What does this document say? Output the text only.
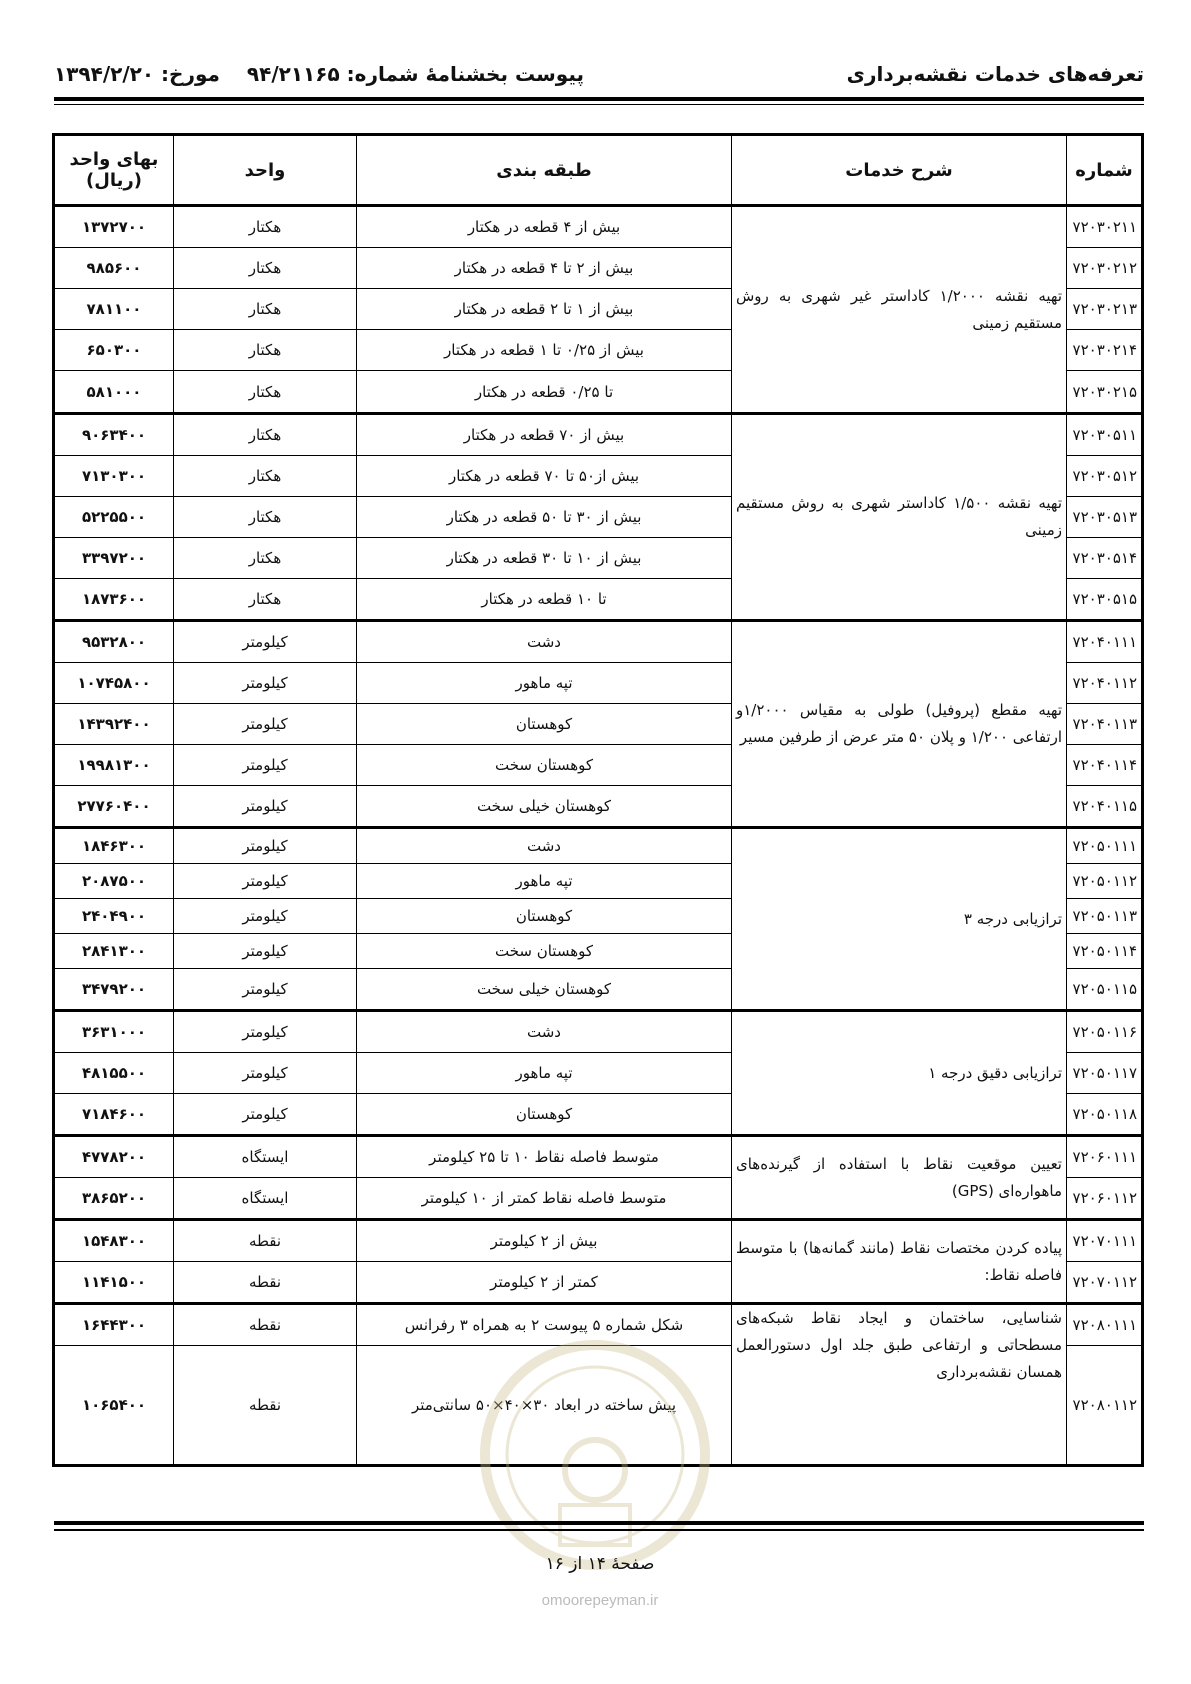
تعرفه‌های خدمات نقشه‌برداری
پیوست بخشنامهٔ شماره: ۹۴/۲۱۱۶۵
مورخ: ۱۳۹۴/۲/۲۰
شماره	شرح خدمات	طبقه بندی	واحد	بهای واحد (ریال)
۷۲۰۳۰۲۱۱	تهیه نقشه ۱/۲۰۰۰ کاداستر غیر شهری به روش مستقیم زمینی	بیش از ۴ قطعه در هکتار	هکتار	۱۳۷۲۷۰۰
۷۲۰۳۰۲۱۲		بیش از ۲ تا ۴ قطعه در هکتار	هکتار	۹۸۵۶۰۰
۷۲۰۳۰۲۱۳		بیش از ۱ تا ۲ قطعه در هکتار	هکتار	۷۸۱۱۰۰
۷۲۰۳۰۲۱۴		بیش از ۰/۲۵ تا ۱ قطعه در هکتار	هکتار	۶۵۰۳۰۰
۷۲۰۳۰۲۱۵		تا ۰/۲۵ قطعه در هکتار	هکتار	۵۸۱۰۰۰
۷۲۰۳۰۵۱۱	تهیه نقشه ۱/۵۰۰ کاداستر شهری به روش مستقیم زمینی	بیش از ۷۰ قطعه در هکتار	هکتار	۹۰۶۳۴۰۰
۷۲۰۳۰۵۱۲		بیش از۵۰ تا ۷۰ قطعه در هکتار	هکتار	۷۱۳۰۳۰۰
۷۲۰۳۰۵۱۳		بیش از ۳۰ تا ۵۰ قطعه در هکتار	هکتار	۵۲۲۵۵۰۰
۷۲۰۳۰۵۱۴		بیش از ۱۰ تا ۳۰ قطعه در هکتار	هکتار	۳۳۹۷۲۰۰
۷۲۰۳۰۵۱۵		تا ۱۰ قطعه در هکتار	هکتار	۱۸۷۳۶۰۰
۷۲۰۴۰۱۱۱	تهیه مقطع (پروفیل) طولی به مقیاس ۱/۲۰۰۰و ارتفاعی ۱/۲۰۰ و پلان ۵۰ متر عرض از طرفین مسیر	دشت	کیلومتر	۹۵۳۲۸۰۰
۷۲۰۴۰۱۱۲		تپه ماهور	کیلومتر	۱۰۷۴۵۸۰۰
۷۲۰۴۰۱۱۳		کوهستان	کیلومتر	۱۴۳۹۲۴۰۰
۷۲۰۴۰۱۱۴		کوهستان سخت	کیلومتر	۱۹۹۸۱۳۰۰
۷۲۰۴۰۱۱۵		کوهستان خیلی سخت	کیلومتر	۲۷۷۶۰۴۰۰
۷۲۰۵۰۱۱۱	ترازیابی درجه ۳	دشت	کیلومتر	۱۸۴۶۳۰۰
۷۲۰۵۰۱۱۲		تپه ماهور	کیلومتر	۲۰۸۷۵۰۰
۷۲۰۵۰۱۱۳		کوهستان	کیلومتر	۲۴۰۴۹۰۰
۷۲۰۵۰۱۱۴		کوهستان سخت	کیلومتر	۲۸۴۱۳۰۰
۷۲۰۵۰۱۱۵		کوهستان خیلی سخت	کیلومتر	۳۴۷۹۲۰۰
۷۲۰۵۰۱۱۶	ترازیابی دقیق درجه ۱	دشت	کیلومتر	۳۶۳۱۰۰۰
۷۲۰۵۰۱۱۷		تپه ماهور	کیلومتر	۴۸۱۵۵۰۰
۷۲۰۵۰۱۱۸		کوهستان	کیلومتر	۷۱۸۴۶۰۰
۷۲۰۶۰۱۱۱	تعیین موقعیت نقاط با استفاده از گیرنده‌های ماهواره‌ای (GPS)	متوسط فاصله نقاط ۱۰ تا ۲۵ کیلومتر	ایستگاه	۴۷۷۸۲۰۰
۷۲۰۶۰۱۱۲		متوسط فاصله نقاط کمتر از ۱۰ کیلومتر	ایستگاه	۳۸۶۵۲۰۰
۷۲۰۷۰۱۱۱	پیاده کردن مختصات نقاط (مانند گمانه‌ها) با متوسط فاصله نقاط:	بیش از ۲ کیلومتر	نقطه	۱۵۴۸۳۰۰
۷۲۰۷۰۱۱۲		کمتر از ۲ کیلومتر	نقطه	۱۱۴۱۵۰۰
۷۲۰۸۰۱۱۱	شناسایی، ساختمان و ایجاد نقاط شبکه‌های مسطحاتی و ارتفاعی طبق جلد اول دستورالعمل همسان نقشه‌برداری	شکل شماره ۵ پیوست ۲ به همراه ۳ رفرانس	نقطه	۱۶۴۴۳۰۰
۷۲۰۸۰۱۱۲		پیش ساخته در ابعاد ۳۰×۴۰×۵۰ سانتی‌متر	نقطه	۱۰۶۵۴۰۰
صفحهٔ ۱۴ از ۱۶
omoorepeyman.ir
